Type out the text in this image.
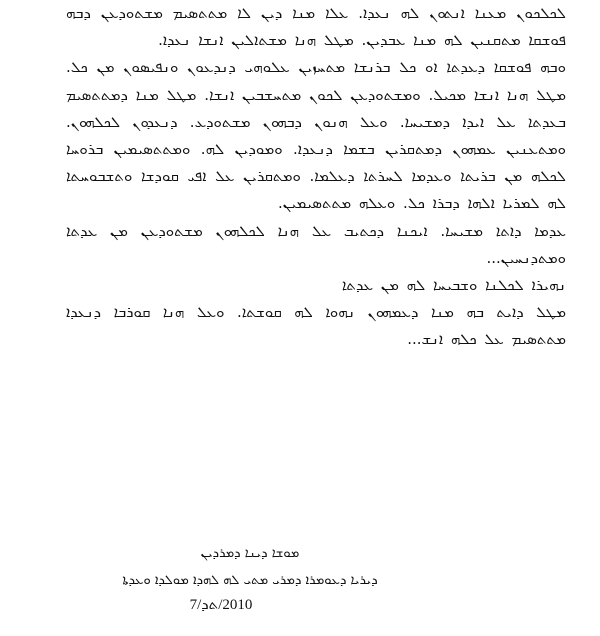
ܠܟܠܟܘܢ ܡܥܢܐ ܐܢܬܘܢ ܠܗ ܢܥܕܐ. ܥܠܐ ܡܢܐ ܕܝܢ ܠܐ ܡܬܬܣܝܡ ܡܫܬܘܕܥܢ ܕܒܗ ܦܘܫܩܐ ܡܬܩܢܝܢ ܠܗ ܡܢܐ ܥܒܕܝܢ. ܡܛܠ ܗܢܐ ܡܫܬܐܠܝܢ ܐܢܫܐ ܢܥܕܐ.

ܘܒܗ ܦܘܫܩܐ ܕܥܕܬܐ ܐܘ ܟܠ ܒܪܢܫܐ ܡܬܚܙܝܢ ܥܠܘܗܝ ܕܢܕܥܘܢ ܘܢܦܝܣܘܢ ܡܢ ܟܠ. ܡܛܠ ܗܢܐ ܐܢܫܐ ܡܟܝܠ. ܘܡܫܬܘܕܥܢ ܠܟܘܢ ܡܬܚܫܒܝܢ ܐܢܫܐ. ܡܛܠ ܡܢܐ ܕܡܬܬܣܝܡ ܒܥܕܬܐ ܥܠ ܐܝܕܐ ܕܡܫܝܚܐ. ܘܥܠ ܗܢܘܢ ܕܒܗܘܢ ܡܫܬܘܕܥ. ܕܢܥܕܘܢ ܠܟܠܗܘܢ. ܘܡܬܥܢܝܢ ܥܡܗܘܢ ܕܡܬܩܪܝܢ ܒܫܡܐ ܕܢܥܕܐ. ܘܡܘܕܝܢ ܠܗ. ܘܡܬܬܣܝܡܝܢ ܒܪܘܚܐ ܠܟܠܗ ܡܢ ܒܪܝܬܐ ܘܥܕܡܐ ܠܚܪܬܐ ܕܥܠܡܐ. ܘܡܬܩܪܝܢ ܥܠ ܐܦܝ ܩܘܕܫܐ ܘܬܫܒܘܚܬܐ ܠܗ ܠܡܪܝܐ ܐܠܗܐ ܕܒܪܐ ܟܠ. ܘܥܠܗ ܡܬܬܣܝܡܝܢ.

ܥܕܡܐ ܕܐܬܐ ܡܫܝܚܐ. ܐܝܟܢܐ ܕܟܬܝܒ ܥܠ ܗܢܐ ܠܟܠܗܘܢ ܡܫܬܘܕܥܢ ܡܢ ܥܕܬܐ ܘܡܬܕܢܚܝܢ...

ܢܗܝܪܐ ܠܟܠܢܐ ܘܫܒܝܚܐ ܠܗ ܡܢ ܥܕܬܐ

ܡܛܠ ܕܐܝܬ ܒܗ ܡܢܐ ܕܥܡܗܘܢ ܢܗܘܐ ܠܗ ܩܘܫܬܐ. ܘܥܠ ܗܢܐ ܩܘܪܒܐ ܕܢܥܕܐ ܡܬܬܣܝܡ ܥܠ ܟܠܗ ܐܢܫ...

ܡܘܫܐ ܕܝܢܐ ܕܡܪܕܝܢ

ܕܝܪܝܐ ܕܥܘܡܪܐ ܕܡܪܝ ܡܬܝ ܠܗ ܠܗܕܐ ܡܘܠܕܐ ܘܥܕܬܐ

2010/ܬܕ/7
